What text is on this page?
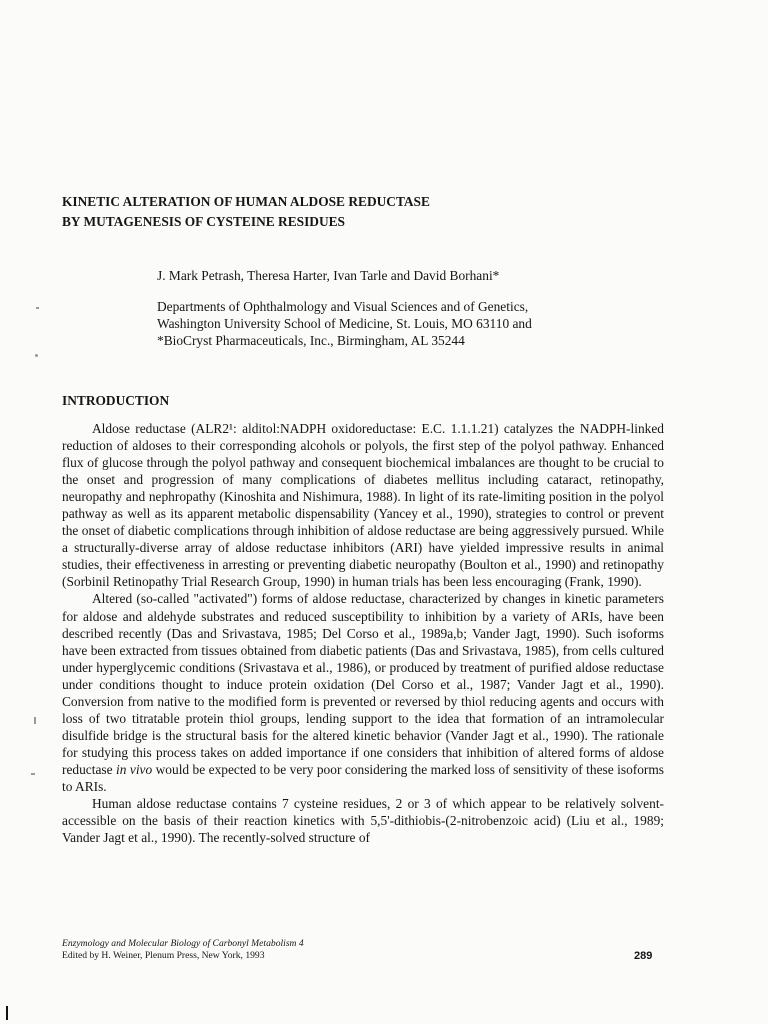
KINETIC ALTERATION OF HUMAN ALDOSE REDUCTASE
BY MUTAGENESIS OF CYSTEINE RESIDUES
J. Mark Petrash, Theresa Harter, Ivan Tarle and David Borhani*
Departments of Ophthalmology and Visual Sciences and of Genetics,
Washington University School of Medicine, St. Louis, MO 63110 and
*BioCryst Pharmaceuticals, Inc., Birmingham, AL 35244
INTRODUCTION

Aldose reductase (ALR2¹: alditol:NADPH oxidoreductase: E.C. 1.1.1.21) catalyzes the NADPH-linked reduction of aldoses to their corresponding alcohols or polyols, the first step of the polyol pathway. Enhanced flux of glucose through the polyol pathway and consequent biochemical imbalances are thought to be crucial to the onset and progression of many complications of diabetes mellitus including cataract, retinopathy, neuropathy and nephropathy (Kinoshita and Nishimura, 1988). In light of its rate-limiting position in the polyol pathway as well as its apparent metabolic dispensability (Yancey et al., 1990), strategies to control or prevent the onset of diabetic complications through inhibition of aldose reductase are being aggressively pursued. While a structurally-diverse array of aldose reductase inhibitors (ARI) have yielded impressive results in animal studies, their effectiveness in arresting or preventing diabetic neuropathy (Boulton et al., 1990) and retinopathy (Sorbinil Retinopathy Trial Research Group, 1990) in human trials has been less encouraging (Frank, 1990).

Altered (so-called "activated") forms of aldose reductase, characterized by changes in kinetic parameters for aldose and aldehyde substrates and reduced susceptibility to inhibition by a variety of ARIs, have been described recently (Das and Srivastava, 1985; Del Corso et al., 1989a,b; Vander Jagt, 1990). Such isoforms have been extracted from tissues obtained from diabetic patients (Das and Srivastava, 1985), from cells cultured under hyperglycemic conditions (Srivastava et al., 1986), or produced by treatment of purified aldose reductase under conditions thought to induce protein oxidation (Del Corso et al., 1987; Vander Jagt et al., 1990). Conversion from native to the modified form is prevented or reversed by thiol reducing agents and occurs with loss of two titratable protein thiol groups, lending support to the idea that formation of an intramolecular disulfide bridge is the structural basis for the altered kinetic behavior (Vander Jagt et al., 1990). The rationale for studying this process takes on added importance if one considers that inhibition of altered forms of aldose reductase in vivo would be expected to be very poor considering the marked loss of sensitivity of these isoforms to ARIs.

Human aldose reductase contains 7 cysteine residues, 2 or 3 of which appear to be relatively solvent-accessible on the basis of their reaction kinetics with 5,5'-dithiobis-(2-nitrobenzoic acid) (Liu et al., 1989; Vander Jagt et al., 1990). The recently-solved structure of

Enzymology and Molecular Biology of Carbonyl Metabolism 4
Edited by H. Weiner, Plenum Press, New York, 1993	289
